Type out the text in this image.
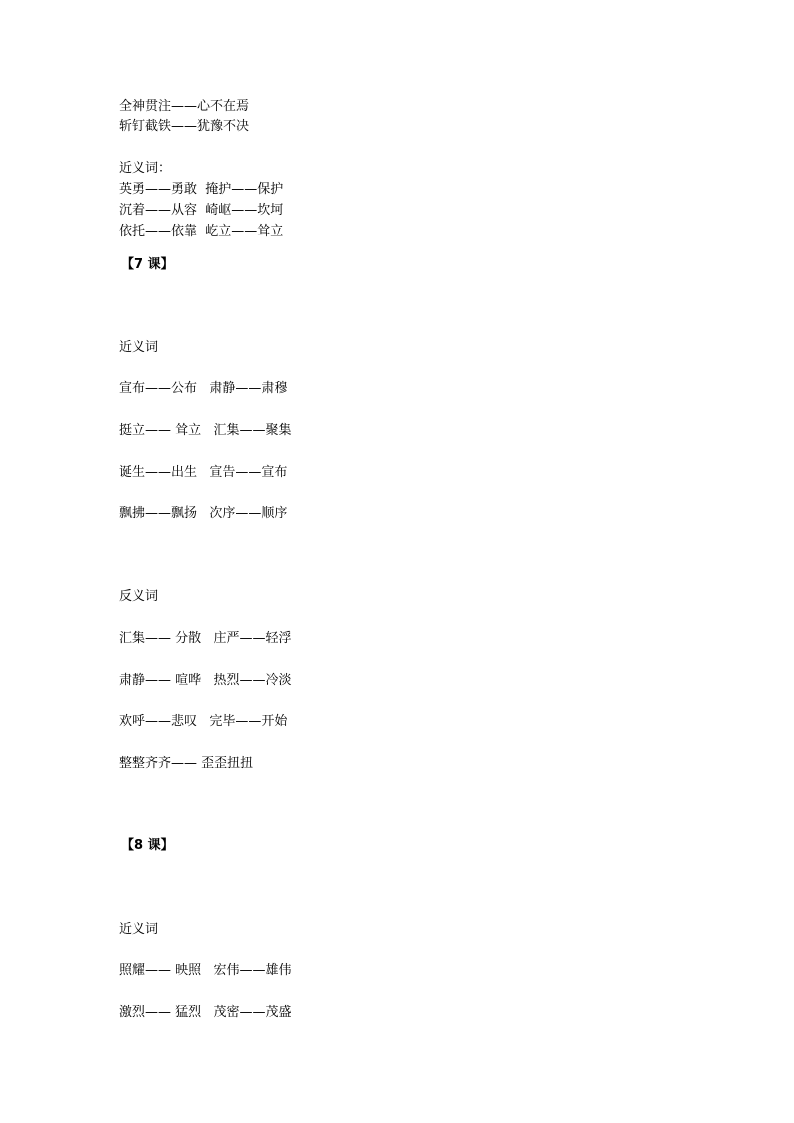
全神贯注——心不在焉
斩钉截铁——犹豫不决
近义词：
英勇——勇敢  掩护——保护
沉着——从容  崎岖——坎坷
依托——依靠  屹立——耸立
【7 课】
近义词
宣布——公布   肃静——肃穆
挺立—— 耸立   汇集——聚集
诞生——出生   宣告——宣布
飘拂——飘扬   次序——顺序
反义词
汇集—— 分散   庄严——轻浮
肃静—— 喧哗   热烈——冷淡
欢呼——悲叹   完毕——开始
整整齐齐—— 歪歪扭扭
【8 课】
近义词
照耀—— 映照   宏伟——雄伟
激烈—— 猛烈   茂密——茂盛
